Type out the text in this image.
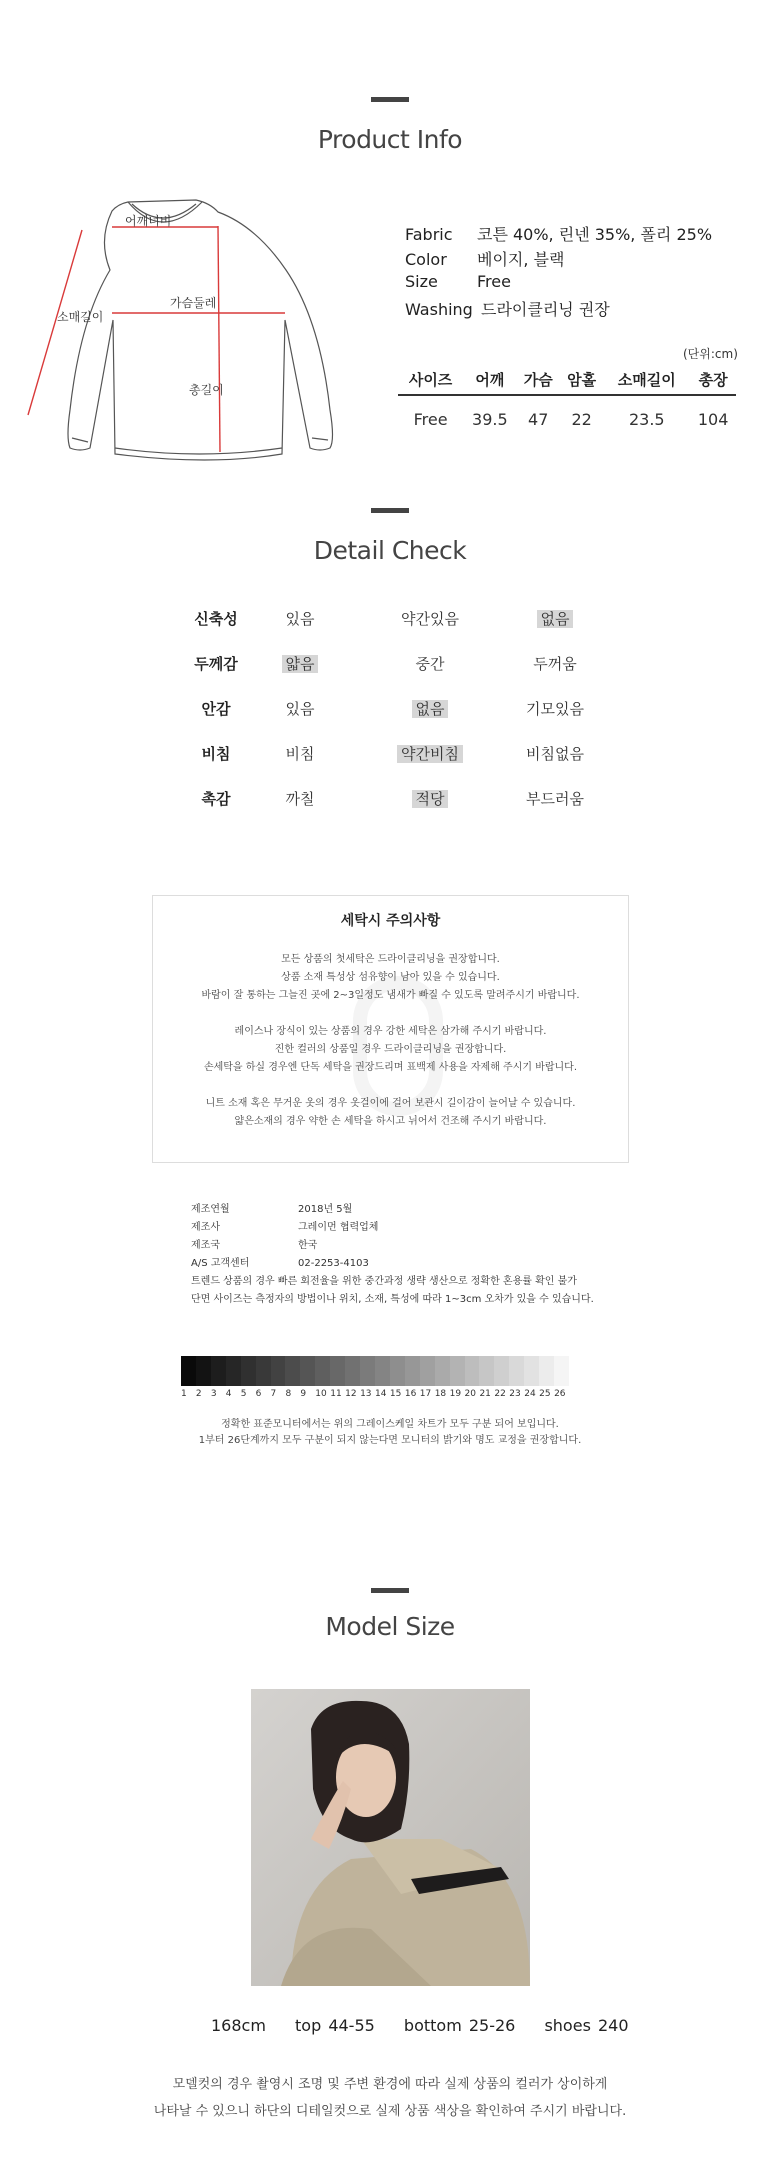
Product Info
어깨너비
소매길이
가슴둘레
총길이
Fabric 코튼 40%, 린넨 35%, 폴리 25%
Color 베이지, 블랙
Size Free
Washing 드라이클리닝 권장
(단위:cm)
사이즈	어깨	가슴	암홀	소매길이	총장
Free	39.5	47	22	23.5	104
Detail Check
신축성	있음	약간있음	없음
두께감	얇음	중간	두꺼움
안감	있음	없음	기모있음
비침	비침	약간비침	비침없음
촉감	까칠	적당	부드러움
세탁시 주의사항
모든 상품의 첫세탁은 드라이클리닝을 권장합니다.
상품 소재 특성상 섬유향이 남아 있을 수 있습니다.
바람이 잘 통하는 그늘진 곳에 2~3일정도 냄새가 빠질 수 있도록 말려주시기 바랍니다.
레이스나 장식이 있는 상품의 경우 강한 세탁은 삼가해 주시기 바랍니다.
진한 컬러의 상품일 경우 드라이클리닝을 권장합니다.
손세탁을 하실 경우엔 단독 세탁을 권장드리며 표백제 사용을 자제해 주시기 바랍니다.
니트 소재 혹은 무거운 옷의 경우 옷걸이에 걸어 보관시 길이감이 늘어날 수 있습니다.
얇은소재의 경우 약한 손 세탁을 하시고 뉘어서 건조해 주시기 바랍니다.
제조연월	2018년 5월
제조사	그레이먼 협력업체
제조국	한국
A/S 고객센터	02-2253-4103
트렌드 상품의 경우 빠른 회전율을 위한 중간과정 생략 생산으로 정확한 혼용률 확인 불가
단면 사이즈는 측정자의 방법이나 위치, 소재, 특성에 따라 1~3cm 오차가 있을 수 있습니다.
1 2 3 4 5 6 7 8 9 10 11 12 13 14 15 16 17 18 19 20 21 22 23 24 25 26
정확한 표준모니터에서는 위의 그레이스케일 차트가 모두 구분 되어 보입니다.
1부터 26단계까지 모두 구분이 되지 않는다면 모니터의 밝기와 명도 교정을 권장합니다.
Model Size
168cm top 44-55 bottom 25-26 shoes 240
모델컷의 경우 촬영시 조명 및 주변 환경에 따라 실제 상품의 컬러가 상이하게
나타날 수 있으니 하단의 디테일컷으로 실제 상품 색상을 확인하여 주시기 바랍니다.
